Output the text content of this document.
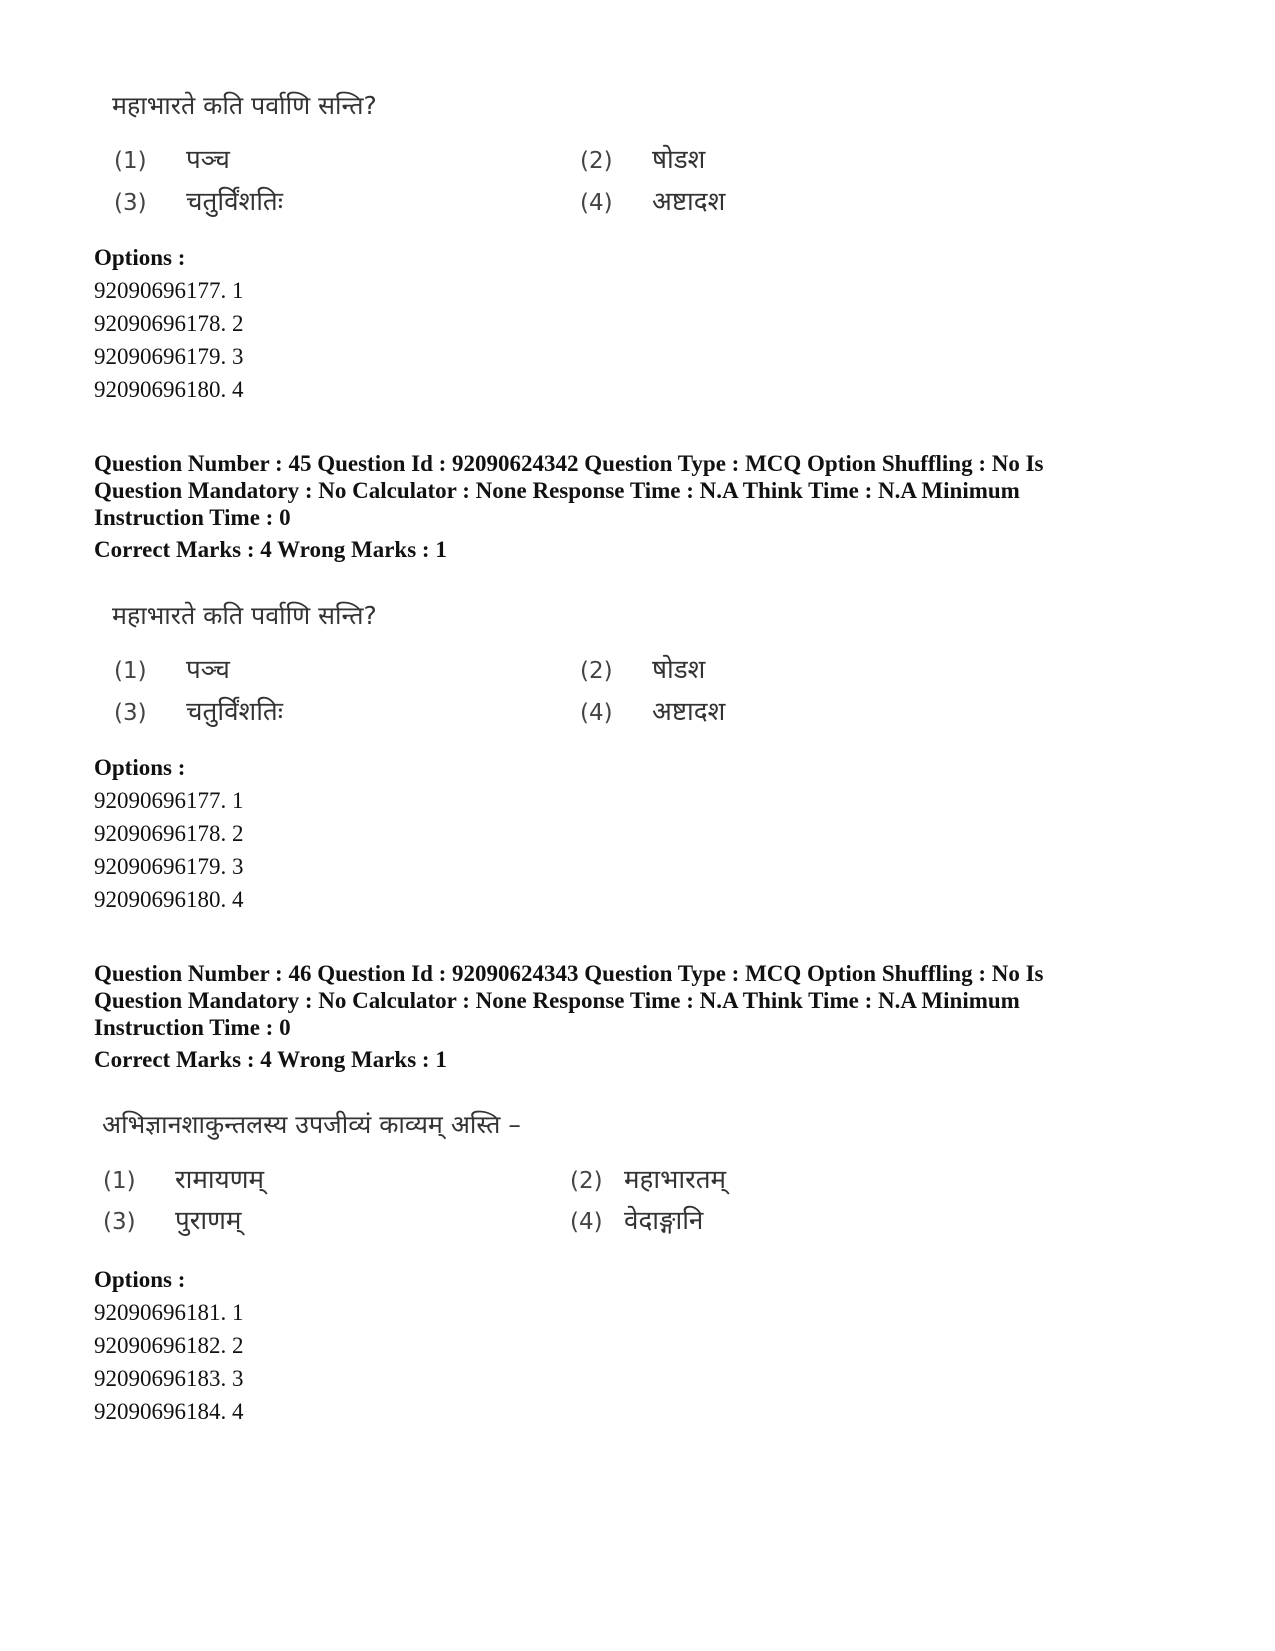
महाभारते कति पर्वाणि सन्ति?
(1) पञ्च	(2) षोडश
(3) चतुर्विंशतिः	(4) अष्टादश
Options :
92090696177. 1
92090696178. 2
92090696179. 3
92090696180. 4
Question Number : 45 Question Id : 92090624342 Question Type : MCQ Option Shuffling : No Is
Question Mandatory : No Calculator : None Response Time : N.A Think Time : N.A Minimum
Instruction Time : 0
Correct Marks : 4 Wrong Marks : 1
महाभारते कति पर्वाणि सन्ति?
(1) पञ्च	(2) षोडश
(3) चतुर्विंशतिः	(4) अष्टादश
Options :
92090696177. 1
92090696178. 2
92090696179. 3
92090696180. 4
Question Number : 46 Question Id : 92090624343 Question Type : MCQ Option Shuffling : No Is
Question Mandatory : No Calculator : None Response Time : N.A Think Time : N.A Minimum
Instruction Time : 0
Correct Marks : 4 Wrong Marks : 1
अभिज्ञानशाकुन्तलस्य उपजीव्यं काव्यम् अस्ति –
(1) रामायणम्	(2) महाभारतम्
(3) पुराणम्	(4) वेदाङ्गानि
Options :
92090696181. 1
92090696182. 2
92090696183. 3
92090696184. 4
